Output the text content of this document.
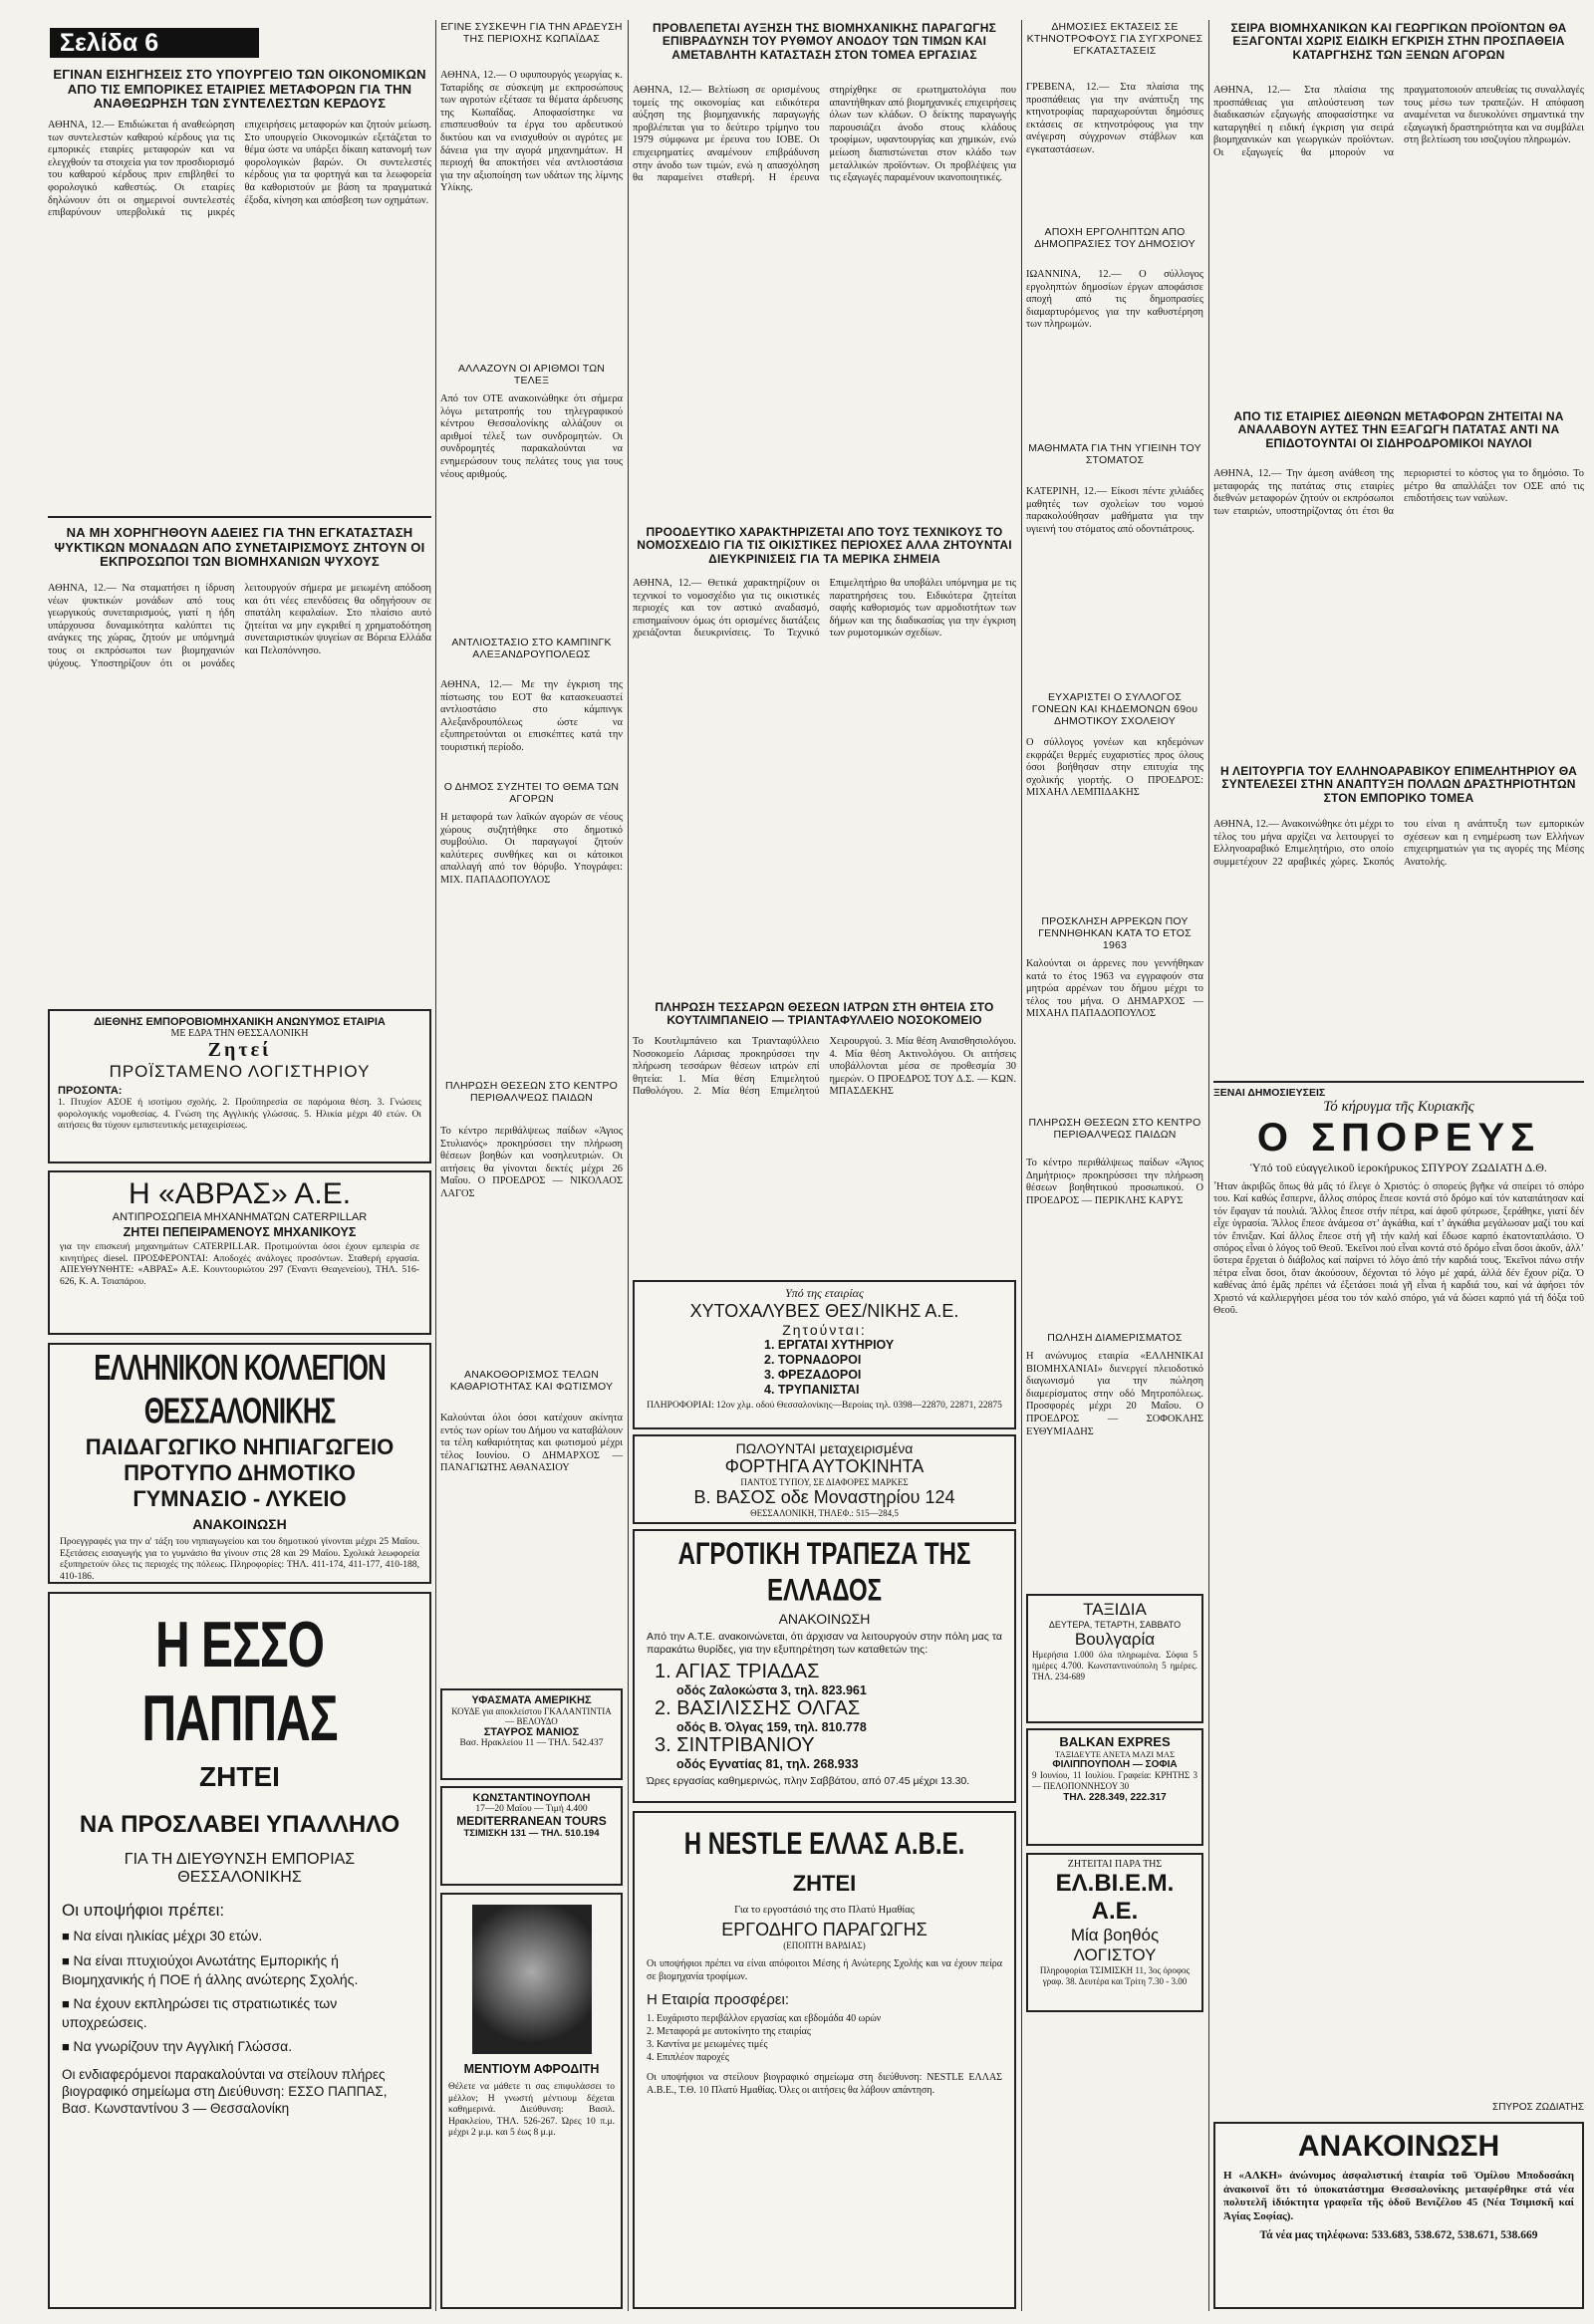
Σελίδα 6
ΕΓΙΝΑΝ ΕΙΣΗΓΗΣΕΙΣ ΣΤΟ ΥΠΟΥΡΓΕΙΟ ΤΩΝ ΟΙΚΟΝΟΜΙΚΩΝ ΑΠΟ ΤΙΣ ΕΜΠΟΡΙΚΕΣ ΕΤΑΙΡΙΕΣ ΜΕΤΑΦΟΡΩΝ ΓΙΑ ΤΗΝ ΑΝΑΘΕΩΡΗΣΗ ΤΩΝ ΣΥΝΤΕΛΕΣΤΩΝ ΚΕΡΔΟΥΣ
ΑΘΗΝΑ, 12.— Επιδιώκεται ή αναθεώρηση των συντελεστών καθαρού κέρδους για τις εμπορικές εταιρίες μεταφορών και να ελεγχθούν τα στοιχεία για τον προσδιορισμό του καθαρού κέρδους πριν επιβληθεί το φορολογικό καθεστώς. Οι εταιρίες δηλώνουν ότι οι σημερινοί συντελεστές επιβαρύνουν υπερβολικά τις μικρές επιχειρήσεις μεταφορών και ζητούν μείωση. Στο υπουργείο Οικονομικών εξετάζεται το θέμα ώστε να υπάρξει δίκαιη κατανομή των φορολογικών βαρών. Οι συντελεστές κέρδους για τα φορτηγά και τα λεωφορεία θα καθοριστούν με βάση τα πραγματικά έξοδα, κίνηση και απόσβεση των οχημάτων.
ΝΑ ΜΗ ΧΟΡΗΓΗΘΟΥΝ ΑΔΕΙΕΣ ΓΙΑ ΤΗΝ ΕΓΚΑΤΑΣΤΑΣΗ ΨΥΚΤΙΚΩΝ ΜΟΝΑΔΩΝ ΑΠΟ ΣΥΝΕΤΑΙΡΙΣΜΟΥΣ ΖΗΤΟΥΝ ΟΙ ΕΚΠΡΟΣΩΠΟΙ ΤΩΝ ΒΙΟΜΗΧΑΝΙΩΝ ΨΥΧΟΥΣ
ΑΘΗΝΑ, 12.— Να σταματήσει η ίδρυση νέων ψυκτικών μονάδων από τους γεωργικούς συνεταιρισμούς, γιατί η ήδη υπάρχουσα δυναμικότητα καλύπτει τις ανάγκες της χώρας, ζητούν με υπόμνημά τους οι εκπρόσωποι των βιομηχανιών ψύχους. Υποστηρίζουν ότι οι μονάδες λειτουργούν σήμερα με μειωμένη απόδοση και ότι νέες επενδύσεις θα οδηγήσουν σε σπατάλη κεφαλαίων. Στο πλαίσιο αυτό ζητείται να μην εγκριθεί η χρηματοδότηση συνεταιριστικών ψυγείων σε Βόρεια Ελλάδα και Πελοπόννησο.
ΔΙΕΘΝΗΣ ΕΜΠΟΡΟΒΙΟΜΗΧΑΝΙΚΗ ΑΝΩΝΥΜΟΣ ΕΤΑΙΡΙΑ
ΜΕ ΕΔΡΑ ΤΗΝ ΘΕΣΣΑΛΟΝΙΚΗ
Ζητεί
ΠΡΟΪΣΤΑΜΕΝΟ ΛΟΓΙΣΤΗΡΙΟΥ
ΠΡΟΣΟΝΤΑ:
1. Πτυχίον ΑΣΟΕ ή ισοτίμου σχολής. 2. Προϋπηρεσία σε παρόμοια θέση. 3. Γνώσεις φορολογικής νομοθεσίας. 4. Γνώση της Αγγλικής γλώσσας. 5. Ηλικία μέχρι 40 ετών. Οι αιτήσεις θα τύχουν εμπιστευτικής μεταχειρίσεως.
Η «ΑΒΡΑΣ» Α.Ε.
ΑΝΤΙΠΡΟΣΩΠΕΙΑ ΜΗΧΑΝΗΜΑΤΩΝ CATERPILLAR
ΖΗΤΕΙ ΠΕΠΕΙΡΑΜΕΝΟΥΣ ΜΗΧΑΝΙΚΟΥΣ
για την επισκευή μηχανημάτων CATERPILLAR. Προτιμούνται όσοι έχουν εμπειρία σε κινητήρες diesel. ΠΡΟΣΦΕΡΟΝΤΑΙ: Αποδοχές ανάλογες προσόντων. Σταθερή εργασία. ΑΠΕΥΘΥΝΘΗΤΕ: «ΑΒΡΑΣ» Α.Ε. Κουντουριώτου 297 (Έναντι Θεαγενείου), ΤΗΛ. 516-626, Κ. Α. Τσιαπάρου.
ΕΛΛΗΝΙΚΟΝ ΚΟΛΛΕΓΙΟΝ ΘΕΣΣΑΛΟΝΙΚΗΣ
ΠΑΙΔΑΓΩΓΙΚΟ ΝΗΠΙΑΓΩΓΕΙΟ
ΠΡΟΤΥΠΟ ΔΗΜΟΤΙΚΟ
ΓΥΜΝΑΣΙΟ - ΛΥΚΕΙΟ
ΑΝΑΚΟΙΝΩΣΗ
Προεγγραφές για την α' τάξη του νηπιαγωγείου και του δημοτικού γίνονται μέχρι 25 Μαΐου. Εξετάσεις εισαγωγής για το γυμνάσιο θα γίνουν στις 28 και 29 Μαΐου. Σχολικά λεωφορεία εξυπηρετούν όλες τις περιοχές της πόλεως. Πληροφορίες: ΤΗΛ. 411-174, 411-177, 410-188, 410-186.
Η ΕΣΣΟ ΠΑΠΠΑΣ
ΖΗΤΕΙ
ΝΑ ΠΡΟΣΛΑΒΕΙ ΥΠΑΛΛΗΛΟ
ΓΙΑ ΤΗ ΔΙΕΥΘΥΝΣΗ ΕΜΠΟΡΙΑΣ ΘΕΣΣΑΛΟΝΙΚΗΣ
Οι υποψήφιοι πρέπει:
■ Να είναι ηλικίας μέχρι 30 ετών.
■ Να είναι πτυχιούχοι Ανωτάτης Εμπορικής ή Βιομηχανικής ή ΠΟΕ ή άλλης ανώτερης Σχολής.
■ Να έχουν εκπληρώσει τις στρατιωτικές των υποχρεώσεις.
■ Να γνωρίζουν την Αγγλική Γλώσσα.
Οι ενδιαφερόμενοι παρακαλούνται να στείλουν πλήρες βιογραφικό σημείωμα στη Διεύθυνση: ΕΣΣΟ ΠΑΠΠΑΣ, Βασ. Κωνσταντίνου 3 — Θεσσαλονίκη
ΕΓΙΝΕ ΣΥΣΚΕΨΗ ΓΙΑ ΤΗΝ ΑΡΔΕΥΣΗ ΤΗΣ ΠΕΡΙΟΧΗΣ ΚΩΠΑΪΔΑΣ
ΑΘΗΝΑ, 12.— Ο υφυπουργός γεωργίας κ. Ταταρίδης σε σύσκεψη με εκπροσώπους των αγροτών εξέτασε τα θέματα άρδευσης της Κωπαΐδας. Αποφασίστηκε να επισπευσθούν τα έργα του αρδευτικού δικτύου και να ενισχυθούν οι αγρότες με δάνεια για την αγορά μηχανημάτων. Η περιοχή θα αποκτήσει νέα αντλιοστάσια για την αξιοποίηση των υδάτων της λίμνης Υλίκης.
ΑΛΛΑΖΟΥΝ ΟΙ ΑΡΙΘΜΟΙ ΤΩΝ ΤΕΛΕΞ
Από τον ΟΤΕ ανακοινώθηκε ότι σήμερα λόγω μετατροπής του τηλεγραφικού κέντρου Θεσσαλονίκης αλλάζουν οι αριθμοί τέλεξ των συνδρομητών. Οι συνδρομητές παρακαλούνται να ενημερώσουν τους πελάτες τους για τους νέους αριθμούς.
ΑΝΤΛΙΟΣΤΑΣΙΟ ΣΤΟ ΚΑΜΠΙΝΓΚ ΑΛΕΞΑΝΔΡΟΥΠΟΛΕΩΣ
ΑΘΗΝΑ, 12.— Με την έγκριση της πίστωσης του ΕΟΤ θα κατασκευαστεί αντλιοστάσιο στο κάμπινγκ Αλεξανδρουπόλεως ώστε να εξυπηρετούνται οι επισκέπτες κατά την τουριστική περίοδο.
Ο ΔΗΜΟΣ ΣΥΖΗΤΕΙ ΤΟ ΘΕΜΑ ΤΩΝ ΑΓΟΡΩΝ
Η μεταφορά των λαϊκών αγορών σε νέους χώρους συζητήθηκε στο δημοτικό συμβούλιο. Οι παραγωγοί ζητούν καλύτερες συνθήκες και οι κάτοικοι απαλλαγή από τον θόρυβο. Υπογράφει: ΜΙΧ. ΠΑΠΑΔΟΠΟΥΛΟΣ
ΠΛΗΡΩΣΗ ΘΕΣΕΩΝ ΣΤΟ ΚΕΝΤΡΟ ΠΕΡΙΘΑΛΨΕΩΣ ΠΑΙΔΩΝ
Το κέντρο περιθάλψεως παίδων «Άγιος Στυλιανός» προκηρύσσει την πλήρωση θέσεων βοηθών και νοσηλευτριών. Οι αιτήσεις θα γίνονται δεκτές μέχρι 26 Μαΐου. Ο ΠΡΟΕΔΡΟΣ — ΝΙΚΟΛΑΟΣ ΛΑΓΟΣ
ΑΝΑΚΟΘΟΡΙΣΜΟΣ ΤΕΛΩΝ ΚΑΘΑΡΙΟΤΗΤΑΣ ΚΑΙ ΦΩΤΙΣΜΟΥ
Καλούνται όλοι όσοι κατέχουν ακίνητα εντός των ορίων του Δήμου να καταβάλουν τα τέλη καθαριότητας και φωτισμού μέχρι τέλος Ιουνίου. Ο ΔΗΜΑΡΧΟΣ — ΠΑΝΑΓΙΩΤΗΣ ΑΘΑΝΑΣΙΟΥ
ΥΦΑΣΜΑΤΑ ΑΜΕΡΙΚΗΣ
ΚΟΥΔΕ για αποκλείστου ΓΚΑΛΑΝΤΙΝΤΙΑ — ΒΕΛΟΥΔΟ
ΣΤΑΥΡΟΣ ΜΑΝΙΟΣ
Βασ. Ηρακλείου 11 — ΤΗΛ. 542.437
ΚΩΝΣΤΑΝΤΙΝΟΥΠΟΛΗ
17—20 Μαΐου — Τιμή 4.400
MEDITERRANEAN TOURS
ΤΣΙΜΙΣΚΗ 131 — ΤΗΛ. 510.194
ΜΕΝΤΙΟΥΜ ΑΦΡΟΔΙΤΗ
Θέλετε να μάθετε τι σας επιφυλάσσει το μέλλον; Η γνωστή μέντιουμ δέχεται καθημερινά. Διεύθυνση: Βασιλ. Ηρακλείου, ΤΗΛ. 526-267. Ώρες 10 π.μ. μέχρι 2 μ.μ. και 5 έως 8 μ.μ.
ΠΡΟΒΛΕΠΕΤΑΙ ΑΥΞΗΣΗ ΤΗΣ ΒΙΟΜΗΧΑΝΙΚΗΣ ΠΑΡΑΓΩΓΗΣ ΕΠΙΒΡΑΔΥΝΣΗ ΤΟΥ ΡΥΘΜΟΥ ΑΝΟΔΟΥ ΤΩΝ ΤΙΜΩΝ ΚΑΙ ΑΜΕΤΑΒΛΗΤΗ ΚΑΤΑΣΤΑΣΗ ΣΤΟΝ ΤΟΜΕΑ ΕΡΓΑΣΙΑΣ
ΑΘΗΝΑ, 12.— Βελτίωση σε ορισμένους τομείς της οικονομίας και ειδικότερα αύξηση της βιομηχανικής παραγωγής προβλέπεται για το δεύτερο τρίμηνο του 1979 σύμφωνα με έρευνα του ΙΟΒΕ. Οι επιχειρηματίες αναμένουν επιβράδυνση στην άνοδο των τιμών, ενώ η απασχόληση θα παραμείνει σταθερή. Η έρευνα στηρίχθηκε σε ερωτηματολόγια που απαντήθηκαν από βιομηχανικές επιχειρήσεις όλων των κλάδων. Ο δείκτης παραγωγής παρουσιάζει άνοδο στους κλάδους τροφίμων, υφαντουργίας και χημικών, ενώ μείωση διαπιστώνεται στον κλάδο των μεταλλικών προϊόντων. Οι προβλέψεις για τις εξαγωγές παραμένουν ικανοποιητικές.
ΠΡΟΟΔΕΥΤΙΚΟ ΧΑΡΑΚΤΗΡΙΖΕΤΑΙ ΑΠΟ ΤΟΥΣ ΤΕΧΝΙΚΟΥΣ ΤΟ ΝΟΜΟΣΧΕΔΙΟ ΓΙΑ ΤΙΣ ΟΙΚΙΣΤΙΚΕΣ ΠΕΡΙΟΧΕΣ ΑΛΛΑ ΖΗΤΟΥΝΤΑΙ ΔΙΕΥΚΡΙΝΙΣΕΙΣ ΓΙΑ ΤΑ ΜΕΡΙΚΑ ΣΗΜΕΙΑ
ΑΘΗΝΑ, 12.— Θετικά χαρακτηρίζουν οι τεχνικοί το νομοσχέδιο για τις οικιστικές περιοχές και τον αστικό αναδασμό, επισημαίνουν όμως ότι ορισμένες διατάξεις χρειάζονται διευκρινίσεις. Το Τεχνικό Επιμελητήριο θα υποβάλει υπόμνημα με τις παρατηρήσεις του. Ειδικότερα ζητείται σαφής καθορισμός των αρμοδιοτήτων των δήμων και της διαδικασίας για την έγκριση των ρυμοτομικών σχεδίων.
ΠΛΗΡΩΣΗ ΤΕΣΣΑΡΩΝ ΘΕΣΕΩΝ ΙΑΤΡΩΝ ΣΤΗ ΘΗΤΕΙΑ ΣΤΟ ΚΟΥΤΛΙΜΠΑΝΕΙΟ — ΤΡΙΑΝΤΑΦΥΛΛΕΙΟ ΝΟΣΟΚΟΜΕΙΟ
Το Κουτλιμπάνειο και Τριανταφύλλειο Νοσοκομείο Λάρισας προκηρύσσει την πλήρωση τεσσάρων θέσεων ιατρών επί θητεία: 1. Μία θέση Επιμελητού Παθολόγου. 2. Μία θέση Επιμελητού Χειρουργού. 3. Μία θέση Αναισθησιολόγου. 4. Μία θέση Ακτινολόγου. Οι αιτήσεις υποβάλλονται μέσα σε προθεσμία 30 ημερών. Ο ΠΡΟΕΔΡΟΣ ΤΟΥ Δ.Σ. — ΚΩΝ. ΜΠΑΣΔΕΚΗΣ
Υπό της εταιρίας
ΧΥΤΟΧΑΛΥΒΕΣ ΘΕΣ/ΝΙΚΗΣ Α.Ε.
Ζητούνται:
1. ΕΡΓΑΤΑΙ ΧΥΤΗΡΙΟΥ
2. ΤΟΡΝΑΔΟΡΟΙ
3. ΦΡΕΖΑΔΟΡΟΙ
4. ΤΡΥΠΑΝΙΣΤΑΙ
ΠΛΗΡΟΦΟΡΙΑΙ: 12ον χλμ. οδού Θεσσαλονίκης—Βεροίας τηλ. 0398—22870, 22871, 22875
ΠΩΛΟΥΝΤΑΙ μεταχειρισμένα
ΦΟΡΤΗΓΑ ΑΥΤΟΚΙΝΗΤΑ
ΠΑΝΤΟΣ ΤΥΠΟΥ, ΣΕ ΔΙΑΦΟΡΕΣ ΜΑΡΚΕΣ
Β. ΒΑΣΟΣ οδε Μοναστηρίου 124
ΘΕΣΣΑΛΟΝΙΚΗ, ΤΗΛΕΦ.: 515—284,5
ΑΓΡΟΤΙΚΗ ΤΡΑΠΕΖΑ ΤΗΣ ΕΛΛΑΔΟΣ
ΑΝΑΚΟΙΝΩΣΗ
Από την Α.Τ.Ε. ανακοινώνεται, ότι άρχισαν να λειτουργούν στην πόλη μας τα παρακάτω θυρίδες, για την εξυπηρέτηση των καταθετών της:
1. ΑΓΙΑΣ ΤΡΙΑΔΑΣ
οδός Ζαλοκώστα 3, τηλ. 823.961
2. ΒΑΣΙΛΙΣΣΗΣ ΟΛΓΑΣ
οδός Β. Όλγας 159, τηλ. 810.778
3. ΣΙΝΤΡΙΒΑΝΙΟΥ
οδός Εγνατίας 81, τηλ. 268.933
Ώρες εργασίας καθημερινώς, πλην Σαββάτου, από 07.45 μέχρι 13.30.
Η NESTLE ΕΛΛΑΣ Α.Β.Ε.
ΖΗΤΕΙ
Για το εργοστάσιό της στο Πλατύ Ημαθίας
ΕΡΓΟΔΗΓΟ ΠΑΡΑΓΩΓΗΣ
(ΕΠΟΠΤΗ ΒΑΡΔΙΑΣ)
Οι υποψήφιοι πρέπει να είναι απόφοιτοι Μέσης ή Ανώτερης Σχολής και να έχουν πείρα σε βιομηχανία τροφίμων.
Η Εταιρία προσφέρει:
1. Ευχάριστο περιβάλλον εργασίας και εβδομάδα 40 ωρών
2. Μεταφορά με αυτοκίνητο της εταιρίας
3. Καντίνα με μειωμένες τιμές
4. Επιπλέον παροχές
Οι υποψήφιοι να στείλουν βιογραφικό σημείωμα στη διεύθυνση: NESTLE ΕΛΛΑΣ Α.Β.Ε., Τ.Θ. 10 Πλατύ Ημαθίας. Όλες οι αιτήσεις θα λάβουν απάντηση.
ΔΗΜΟΣΙΕΣ ΕΚΤΑΣΕΙΣ ΣΕ ΚΤΗΝΟΤΡΟΦΟΥΣ ΓΙΑ ΣΥΓΧΡΟΝΕΣ ΕΓΚΑΤΑΣΤΑΣΕΙΣ
ΓΡΕΒΕΝΑ, 12.— Στα πλαίσια της προσπάθειας για την ανάπτυξη της κτηνοτροφίας παραχωρούνται δημόσιες εκτάσεις σε κτηνοτρόφους για την ανέγερση σύγχρονων στάβλων και εγκαταστάσεων.
ΑΠΟΧΗ ΕΡΓΟΛΗΠΤΩΝ ΑΠΟ ΔΗΜΟΠΡΑΣΙΕΣ ΤΟΥ ΔΗΜΟΣΙΟΥ
ΙΩΑΝΝΙΝΑ, 12.— Ο σύλλογος εργοληπτών δημοσίων έργων αποφάσισε αποχή από τις δημοπρασίες διαμαρτυρόμενος για την καθυστέρηση των πληρωμών.
ΜΑΘΗΜΑΤΑ ΓΙΑ ΤΗΝ ΥΓΙΕΙΝΗ ΤΟΥ ΣΤΟΜΑΤΟΣ
ΚΑΤΕΡΙΝΗ, 12.— Είκοσι πέντε χιλιάδες μαθητές των σχολείων του νομού παρακολούθησαν μαθήματα για την υγιεινή του στόματος από οδοντιάτρους.
ΕΥΧΑΡΙΣΤΕΙ Ο ΣΥΛΛΟΓΟΣ ΓΟΝΕΩΝ ΚΑΙ ΚΗΔΕΜΟΝΩΝ 69ου ΔΗΜΟΤΙΚΟΥ ΣΧΟΛΕΙΟΥ
Ο σύλλογος γονέων και κηδεμόνων εκφράζει θερμές ευχαριστίες προς όλους όσοι βοήθησαν στην επιτυχία της σχολικής γιορτής. Ο ΠΡΟΕΔΡΟΣ: ΜΙΧΑΗΛ ΛΕΜΠΙΔΑΚΗΣ
ΠΡΟΣΚΛΗΣΗ ΑΡΡΕΚΩΝ ΠΟΥ ΓΕΝΝΗΘΗΚΑΝ ΚΑΤΑ ΤΟ ΕΤΟΣ 1963
Καλούνται οι άρρενες που γεννήθηκαν κατά το έτος 1963 να εγγραφούν στα μητρώα αρρένων του δήμου μέχρι το τέλος του μήνα. Ο ΔΗΜΑΡΧΟΣ — ΜΙΧΑΗΛ ΠΑΠΑΔΟΠΟΥΛΟΣ
ΠΛΗΡΩΣΗ ΘΕΣΕΩΝ ΣΤΟ ΚΕΝΤΡΟ ΠΕΡΙΘΑΛΨΕΩΣ ΠΑΙΔΩΝ
Το κέντρο περιθάλψεως παίδων «Άγιος Δημήτριος» προκηρύσσει την πλήρωση θέσεων βοηθητικού προσωπικού. Ο ΠΡΟΕΔΡΟΣ — ΠΕΡΙΚΛΗΣ ΚΑΡΥΣ
ΠΩΛΗΣΗ ΔΙΑΜΕΡΙΣΜΑΤΟΣ
Η ανώνυμος εταιρία «ΕΛΛΗΝΙΚΑΙ ΒΙΟΜΗΧΑΝΙΑΙ» διενεργεί πλειοδοτικό διαγωνισμό για την πώληση διαμερίσματος στην οδό Μητροπόλεως. Προσφορές μέχρι 20 Μαΐου. Ο ΠΡΟΕΔΡΟΣ — ΣΟΦΟΚΛΗΣ ΕΥΘΥΜΙΑΔΗΣ
ΤΑΞΙΔΙΑ
ΔΕΥΤΕΡΑ, ΤΕΤΑΡΤΗ, ΣΑΒΒΑΤΟ
Βουλγαρία
Ημερήσια 1.000 όλα πληρωμένα. Σόφια 5 ημέρες 4.700. Κωνσταντινούπολη 5 ημέρες. ΤΗΛ. 234-689
BALKAN EXPRES
ΤΑΞΙΔΕΥΤΕ ΑΝΕΤΑ ΜΑΖΙ ΜΑΣ
ΦΙΛΙΠΠΟΥΠΟΛΗ — ΣΟΦΙΑ
9 Ιουνίου, 11 Ιουλίου. Γραφεία: ΚΡΗΤΗΣ 3 — ΠΕΛΟΠΟΝΝΗΣΟΥ 30
ΤΗΛ. 228.349, 222.317
ΖΗΤΕΙΤΑΙ ΠΑΡΑ ΤΗΣ
ΕΛ.ΒΙ.Ε.Μ. Α.Ε.
Μία βοηθός
ΛΟΓΙΣΤΟΥ
Πληροφορίαι ΤΣΙΜΙΣΚΗ 11, 3ος όροφος γραφ. 38. Δευτέρα και Τρίτη 7.30 - 3.00
ΣΕΙΡΑ ΒΙΟΜΗΧΑΝΙΚΩΝ ΚΑΙ ΓΕΩΡΓΙΚΩΝ ΠΡΟΪΟΝΤΩΝ ΘΑ ΕΞΑΓΟΝΤΑΙ ΧΩΡΙΣ ΕΙΔΙΚΗ ΕΓΚΡΙΣΗ ΣΤΗΝ ΠΡΟΣΠΑΘΕΙΑ ΚΑΤΑΡΓΗΣΗΣ ΤΩΝ ΞΕΝΩΝ ΑΓΟΡΩΝ
ΑΘΗΝΑ, 12.— Στα πλαίσια της προσπάθειας για απλούστευση των διαδικασιών εξαγωγής αποφασίστηκε να καταργηθεί η ειδική έγκριση για σειρά βιομηχανικών και γεωργικών προϊόντων. Οι εξαγωγείς θα μπορούν να πραγματοποιούν απευθείας τις συναλλαγές τους μέσω των τραπεζών. Η απόφαση αναμένεται να διευκολύνει σημαντικά την εξαγωγική δραστηριότητα και να συμβάλει στη βελτίωση του ισοζυγίου πληρωμών.
ΑΠΟ ΤΙΣ ΕΤΑΙΡΙΕΣ ΔΙΕΘΝΩΝ ΜΕΤΑΦΟΡΩΝ ΖΗΤΕΙΤΑΙ ΝΑ ΑΝΑΛΑΒΟΥΝ ΑΥΤΕΣ ΤΗΝ ΕΞΑΓΩΓΗ ΠΑΤΑΤΑΣ ΑΝΤΙ ΝΑ ΕΠΙΔΟΤΟΥΝΤΑΙ ΟΙ ΣΙΔΗΡΟΔΡΟΜΙΚΟΙ ΝΑΥΛΟΙ
ΑΘΗΝΑ, 12.— Την άμεση ανάθεση της μεταφοράς της πατάτας στις εταιρίες διεθνών μεταφορών ζητούν οι εκπρόσωποι των εταιριών, υποστηρίζοντας ότι έτσι θα περιοριστεί το κόστος για το δημόσιο. Το μέτρο θα απαλλάξει τον ΟΣΕ από τις επιδοτήσεις των ναύλων.
Η ΛΕΙΤΟΥΡΓΙΑ ΤΟΥ ΕΛΛΗΝΟΑΡΑΒΙΚΟΥ ΕΠΙΜΕΛΗΤΗΡΙΟΥ ΘΑ ΣΥΝΤΕΛΕΣΕΙ ΣΤΗΝ ΑΝΑΠΤΥΞΗ ΠΟΛΛΩΝ ΔΡΑΣΤΗΡΙΟΤΗΤΩΝ ΣΤΟΝ ΕΜΠΟΡΙΚΟ ΤΟΜΕΑ
ΑΘΗΝΑ, 12.— Ανακοινώθηκε ότι μέχρι το τέλος του μήνα αρχίζει να λειτουργεί το Ελληνοαραβικό Επιμελητήριο, στο οποίο συμμετέχουν 22 αραβικές χώρες. Σκοπός του είναι η ανάπτυξη των εμπορικών σχέσεων και η ενημέρωση των Ελλήνων επιχειρηματιών για τις αγορές της Μέσης Ανατολής.
ΞΕΝΑΙ ΔΗΜΟΣΙΕΥΣΕΙΣ
Τό κήρυγμα τῆς Κυριακῆς
Ο ΣΠΟΡΕΥΣ
Ὑπό τοῦ εὐαγγελικοῦ ἱεροκήρυκος ΣΠΥΡΟΥ ΖΩΔΙΑΤΗ Δ.Θ.
Ἦταν ἀκριβῶς ὅπως θά μᾶς τό ἔλεγε ὁ Χριστός: ὁ σπορεύς βγῆκε νά σπείρει τό σπόρο του. Καί καθώς ἔσπερνε, ἄλλος σπόρος ἔπεσε κοντά στό δρόμο καί τόν καταπάτησαν καί τόν ἔφαγαν τά πουλιά. Ἄλλος ἔπεσε στήν πέτρα, καί ἀφοῦ φύτρωσε, ξεράθηκε, γιατί δέν εἶχε ὑγρασία. Ἄλλος ἔπεσε ἀνάμεσα στ’ ἀγκάθια, καί τ’ ἀγκάθια μεγάλωσαν μαζί του καί τόν ἔπνιξαν. Καί ἄλλος ἔπεσε στή γῆ τήν καλή καί ἔδωσε καρπό ἑκατονταπλάσιο. Ὁ σπόρος εἶναι ὁ λόγος τοῦ Θεοῦ. Ἐκεῖνοι πού εἶναι κοντά στό δρόμο εἶναι ὅσοι ἀκοῦν, ἀλλ’ ὕστερα ἔρχεται ὁ διάβολος καί παίρνει τό λόγο ἀπό τήν καρδιά τους. Ἐκεῖνοι πάνω στήν πέτρα εἶναι ὅσοι, ὅταν ἀκούσουν, δέχονται τό λόγο μέ χαρά, ἀλλά δέν ἔχουν ρίζα. Ὁ καθένας ἀπό ἐμᾶς πρέπει νά ἐξετάσει ποιά γῆ εἶναι ἡ καρδιά του, καί νά ἀφήσει τόν Χριστό νά καλλιεργήσει μέσα του τόν καλό σπόρο, γιά νά δώσει καρπό γιά τή δόξα τοῦ Θεοῦ.
ΣΠΥΡΟΣ ΖΩΔΙΑΤΗΣ
ΑΝΑΚΟΙΝΩΣΗ
Η «ΑΛΚΗ» ἀνώνυμος ἀσφαλιστική ἑταιρία τοῦ Ὁμίλου Μποδοσάκη ἀνακοινοῖ ὅτι τό ὑποκατάστημα Θεσσαλονίκης μεταφέρθηκε στά νέα πολυτελῆ ἰδιόκτητα γραφεῖα τῆς ὁδοῦ Βενιζέλου 45 (Νέα Τσιμισκῆ καί Ἀγίας Σοφίας).
Τά νέα μας τηλέφωνα: 533.683, 538.672, 538.671, 538.669
